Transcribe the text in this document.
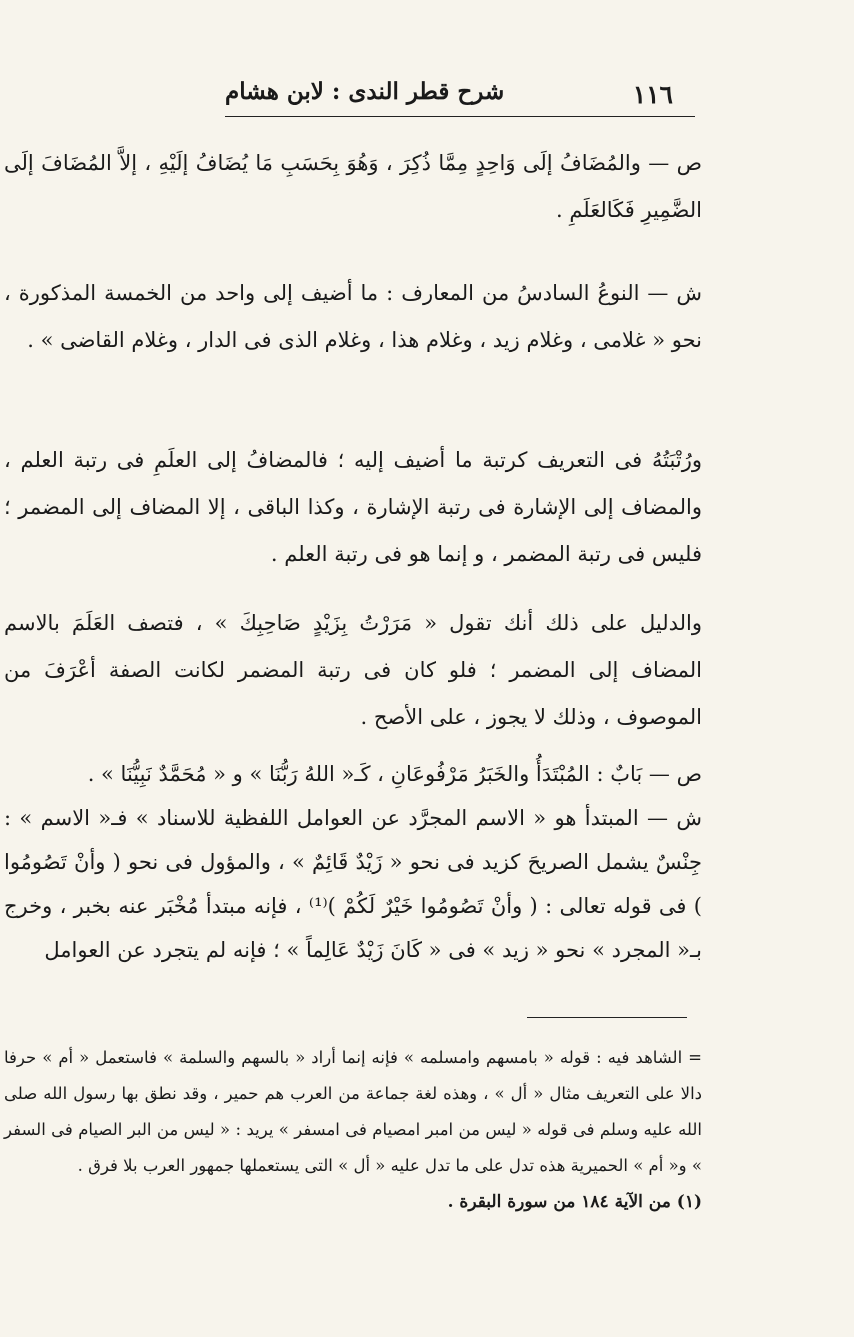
١١٦
شرح قطر الندى : لابن هشام

ص — والمُضَافُ إلَى وَاحِدٍ مِمَّا ذُكِرَ ، وَهُوَ بِحَسَبِ مَا يُضَافُ إلَيْهِ ، إلاَّ المُضَافَ إلَى الضَّمِيرِ فَكَالعَلَمِ .

ش — النوعُ السادسُ من المعارف : ما أضيف إلى واحد من الخمسة المذكورة ، نحو « غلامى ، وغلام زيد ، وغلام هذا ، وغلام الذى فى الدار ، وغلام القاضى » .

ورُتْبَتُهُ فى التعريف كرتبة ما أضيف إليه ؛ فالمضافُ إلى العلَمِ فى رتبة العلم ، والمضاف إلى الإشارة فى رتبة الإشارة ، وكذا الباقى ، إلا المضاف إلى المضمر ؛ فليس فى رتبة المضمر ، و إنما هو فى رتبة العلم .

والدليل على ذلك أنك تقول « مَرَرْتُ بِزَيْدٍ صَاحِبِكَ » ، فتصف العَلَمَ بالاسم المضاف إلى المضمر ؛ فلو كان فى رتبة المضمر لكانت الصفة أعْرَفَ من الموصوف ، وذلك لا يجوز ، على الأصح .

ص — بَابٌ : المُبْتَدَأُ والخَبَرُ مَرْفُوعَانِ ، كَـ« اللهُ رَبُّنَا » و « مُحَمَّدٌ نَبِيُّنَا » .

ش — المبتدأ هو « الاسم المجرَّد عن العوامل اللفظية للاسناد » فـ« الاسم » : جِنْسٌ يشمل الصريحَ كزيد فى نحو « زَيْدٌ قَائِمٌ » ، والمؤول فى نحو ( وأنْ تَصُومُوا ) فى قوله تعالى : ( وأنْ تَصُومُوا خَيْرٌ لَكُمْ )⁽¹⁾ ، فإنه مبتدأ مُخْبَر عنه بخبر ، وخرج بـ« المجرد » نحو « زيد » فى « كَانَ زَيْدٌ عَالِماً » ؛ فإنه لم يتجرد عن العوامل

= الشاهد فيه : قوله « بامسهم وامسلمه » فإنه إنما أراد « بالسهم والسلمة » فاستعمل « أم » حرفا دالا على التعريف مثال « أل » ، وهذه لغة جماعة من العرب هم حمير ، وقد نطق بها رسول الله صلى الله عليه وسلم فى قوله « ليس من امبر امصيام فى امسفر » يريد : « ليس من البر الصيام فى السفر » و« أم » الحميرية هذه تدل على ما تدل عليه « أل » التى يستعملها جمهور العرب بلا فرق .

(١) من الآية ١٨٤ من سورة البقرة .
